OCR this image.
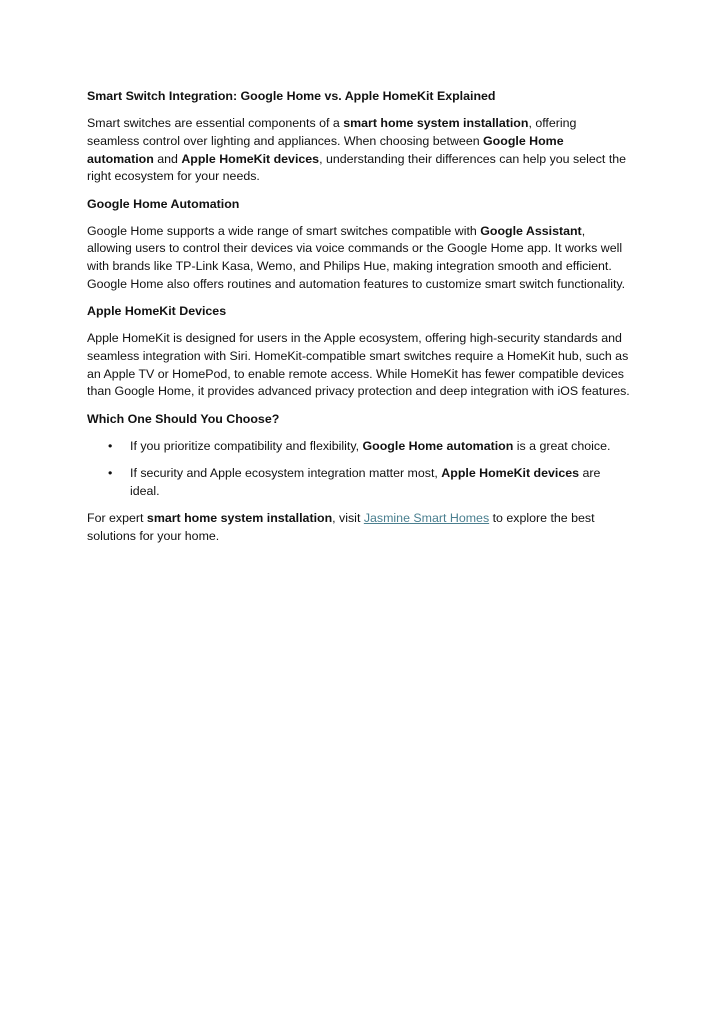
Smart Switch Integration: Google Home vs. Apple HomeKit Explained

Smart switches are essential components of a smart home system installation, offering seamless control over lighting and appliances. When choosing between Google Home automation and Apple HomeKit devices, understanding their differences can help you select the right ecosystem for your needs.

Google Home Automation

Google Home supports a wide range of smart switches compatible with Google Assistant, allowing users to control their devices via voice commands or the Google Home app. It works well with brands like TP-Link Kasa, Wemo, and Philips Hue, making integration smooth and efficient. Google Home also offers routines and automation features to customize smart switch functionality.

Apple HomeKit Devices

Apple HomeKit is designed for users in the Apple ecosystem, offering high-security standards and seamless integration with Siri. HomeKit-compatible smart switches require a HomeKit hub, such as an Apple TV or HomePod, to enable remote access. While HomeKit has fewer compatible devices than Google Home, it provides advanced privacy protection and deep integration with iOS features.

Which One Should You Choose?

• If you prioritize compatibility and flexibility, Google Home automation is a great choice.
• If security and Apple ecosystem integration matter most, Apple HomeKit devices are ideal.

For expert smart home system installation, visit Jasmine Smart Homes to explore the best solutions for your home.
